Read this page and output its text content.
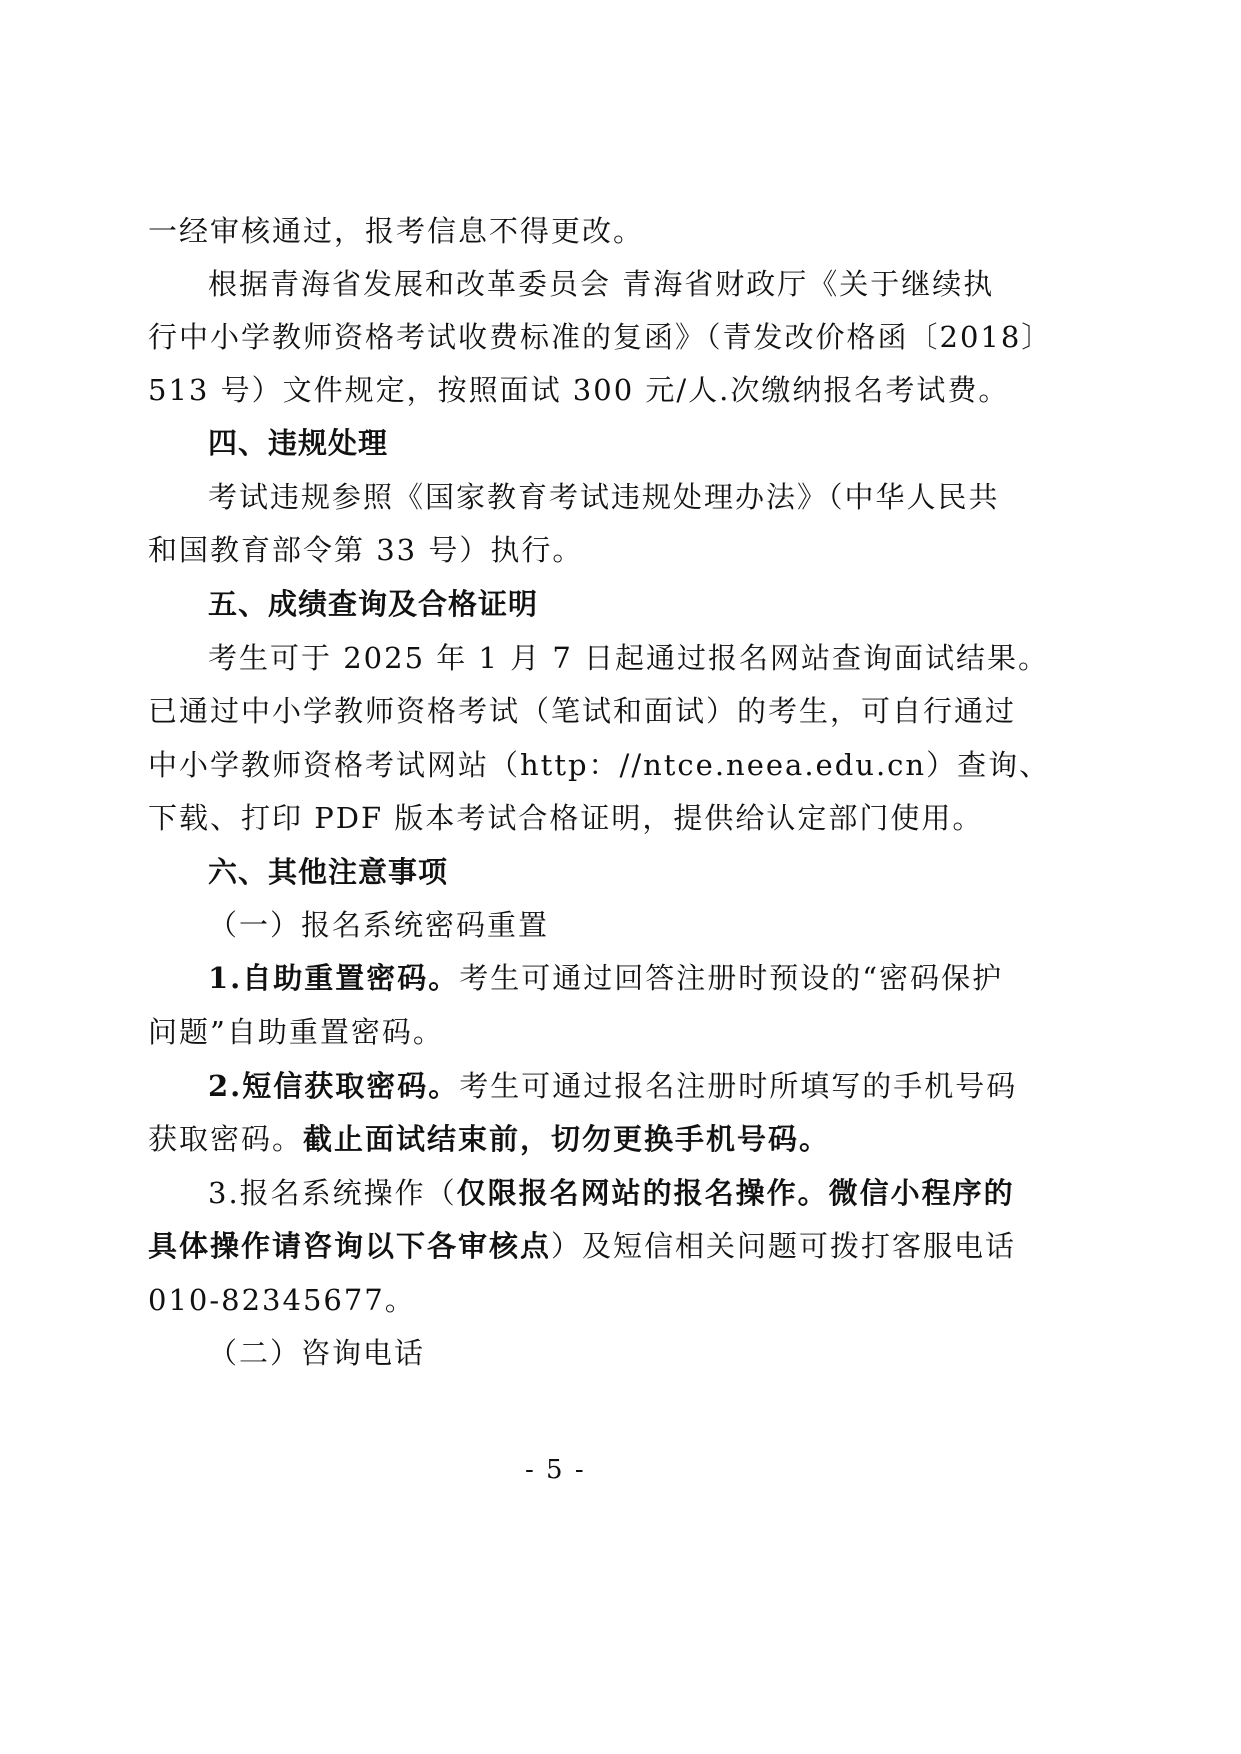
一经审核通过，报考信息不得更改。
根据青海省发展和改革委员会 青海省财政厅《关于继续执
行中小学教师资格考试收费标准的复函》（青发改价格函〔2018〕
513 号）文件规定，按照面试 300 元/人.次缴纳报名考试费。
四、违规处理
考试违规参照《国家教育考试违规处理办法》（中华人民共
和国教育部令第 33 号）执行。
五、成绩查询及合格证明
考生可于 2025 年 1 月 7 日起通过报名网站查询面试结果。
已通过中小学教师资格考试（笔试和面试）的考生，可自行通过
中小学教师资格考试网站（http：//ntce.neea.edu.cn）查询、
下载、打印 PDF 版本考试合格证明，提供给认定部门使用。
六、其他注意事项
（一）报名系统密码重置
1.自助重置密码。考生可通过回答注册时预设的“密码保护
问题”自助重置密码。
2.短信获取密码。考生可通过报名注册时所填写的手机号码
获取密码。截止面试结束前，切勿更换手机号码。
3.报名系统操作（仅限报名网站的报名操作。微信小程序的
具体操作请咨询以下各审核点）及短信相关问题可拨打客服电话
010-82345677。
（二）咨询电话
- 5 -
